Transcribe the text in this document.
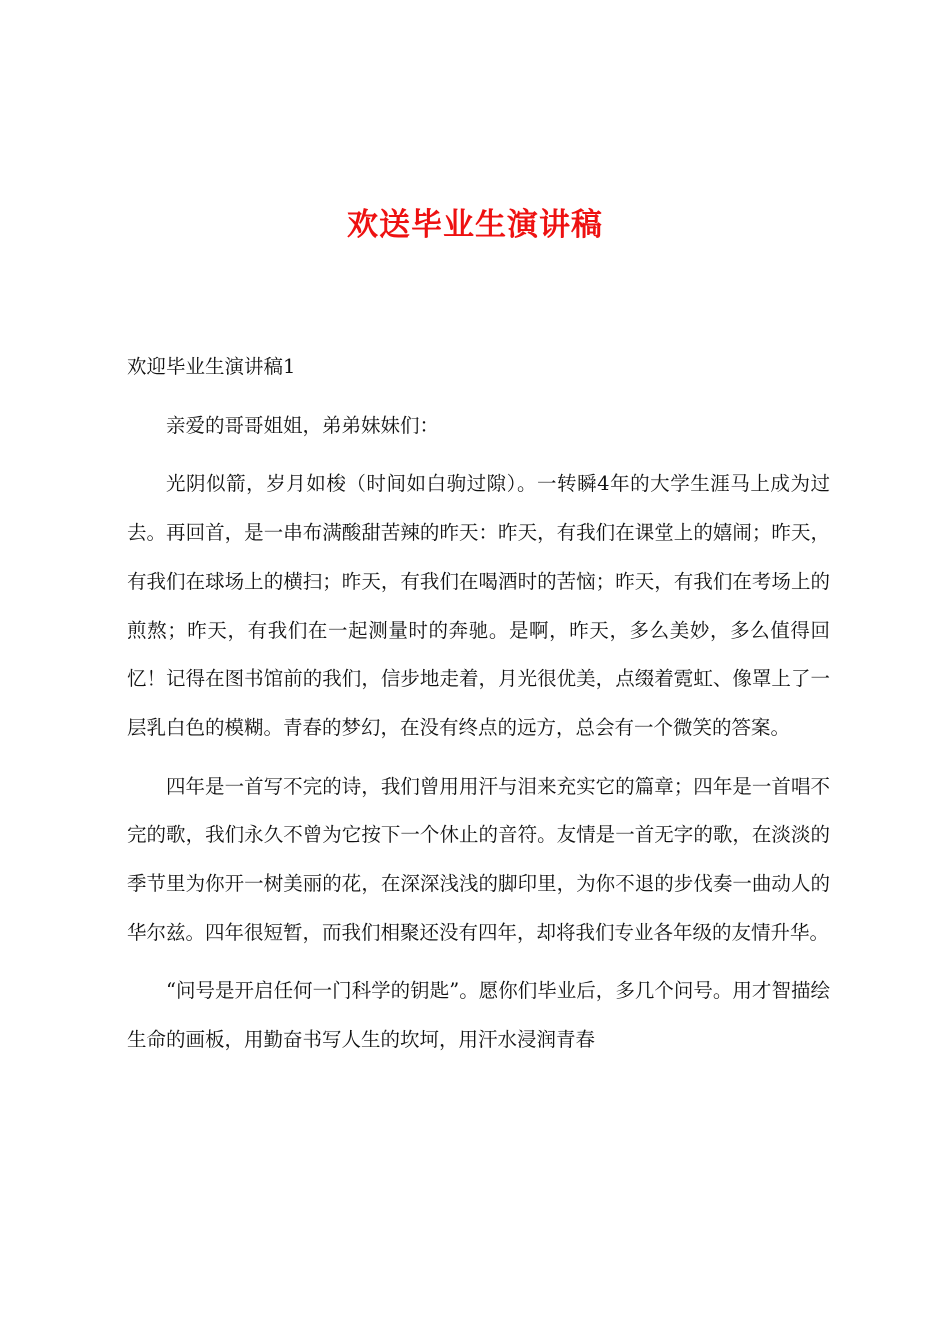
欢送毕业生演讲稿
欢迎毕业生演讲稿1

亲爱的哥哥姐姐，弟弟妹妹们：

光阴似箭，岁月如梭（时间如白驹过隙）。一转瞬4年的大学生涯马上成为过去。再回首，是一串布满酸甜苦辣的昨天：昨天，有我们在课堂上的嬉闹；昨天，有我们在球场上的横扫；昨天，有我们在喝酒时的苦恼；昨天，有我们在考场上的煎熬；昨天，有我们在一起测量时的奔驰。是啊，昨天，多么美妙，多么值得回忆！记得在图书馆前的我们，信步地走着，月光很优美，点缀着霓虹、像罩上了一层乳白色的模糊。青春的梦幻，在没有终点的远方，总会有一个微笑的答案。

四年是一首写不完的诗，我们曾用用汗与泪来充实它的篇章；四年是一首唱不完的歌，我们永久不曾为它按下一个休止的音符。友情是一首无字的歌，在淡淡的季节里为你开一树美丽的花，在深深浅浅的脚印里，为你不退的步伐奏一曲动人的华尔兹。四年很短暂，而我们相聚还没有四年，却将我们专业各年级的友情升华。

“问号是开启任何一门科学的钥匙”。愿你们毕业后，多几个问号。用才智描绘生命的画板，用勤奋书写人生的坎坷，用汗水浸润青春
